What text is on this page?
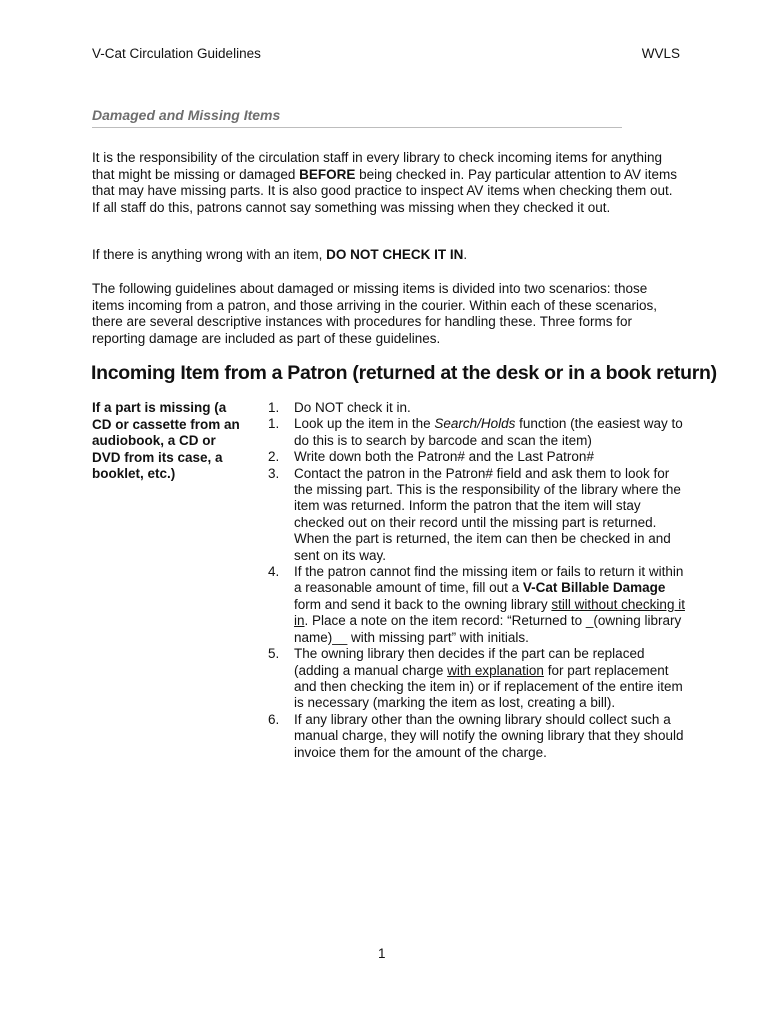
V-Cat Circulation Guidelines	WVLS
Damaged and Missing Items

It is the responsibility of the circulation staff in every library to check incoming items for anything that might be missing or damaged BEFORE being checked in. Pay particular attention to AV items that may have missing parts. It is also good practice to inspect AV items when checking them out. If all staff do this, patrons cannot say something was missing when they checked it out.

If there is anything wrong with an item, DO NOT CHECK IT IN.

The following guidelines about damaged or missing items is divided into two scenarios: those items incoming from a patron, and those arriving in the courier. Within each of these scenarios, there are several descriptive instances with procedures for handling these. Three forms for reporting damage are included as part of these guidelines.

Incoming Item from a Patron (returned at the desk or in a book return)
If a part is missing (a CD or cassette from an audiobook, a CD or DVD from its case, a booklet, etc.)
1.	Do NOT check it in.
1.	Look up the item in the Search/Holds function (the easiest way to do this is to search by barcode and scan the item)
2.	Write down both the Patron# and the Last Patron#
3.	Contact the patron in the Patron# field and ask them to look for the missing part. This is the responsibility of the library where the item was returned. Inform the patron that the item will stay checked out on their record until the missing part is returned. When the part is returned, the item can then be checked in and sent on its way.
4.	If the patron cannot find the missing item or fails to return it within a reasonable amount of time, fill out a V-Cat Billable Damage form and send it back to the owning library still without checking it in. Place a note on the item record: “Returned to _(owning library name)__ with missing part” with initials.
5.	The owning library then decides if the part can be replaced (adding a manual charge with explanation for part replacement and then checking the item in) or if replacement of the entire item is necessary (marking the item as lost, creating a bill).
6.	If any library other than the owning library should collect such a manual charge, they will notify the owning library that they should invoice them for the amount of the charge.
1
